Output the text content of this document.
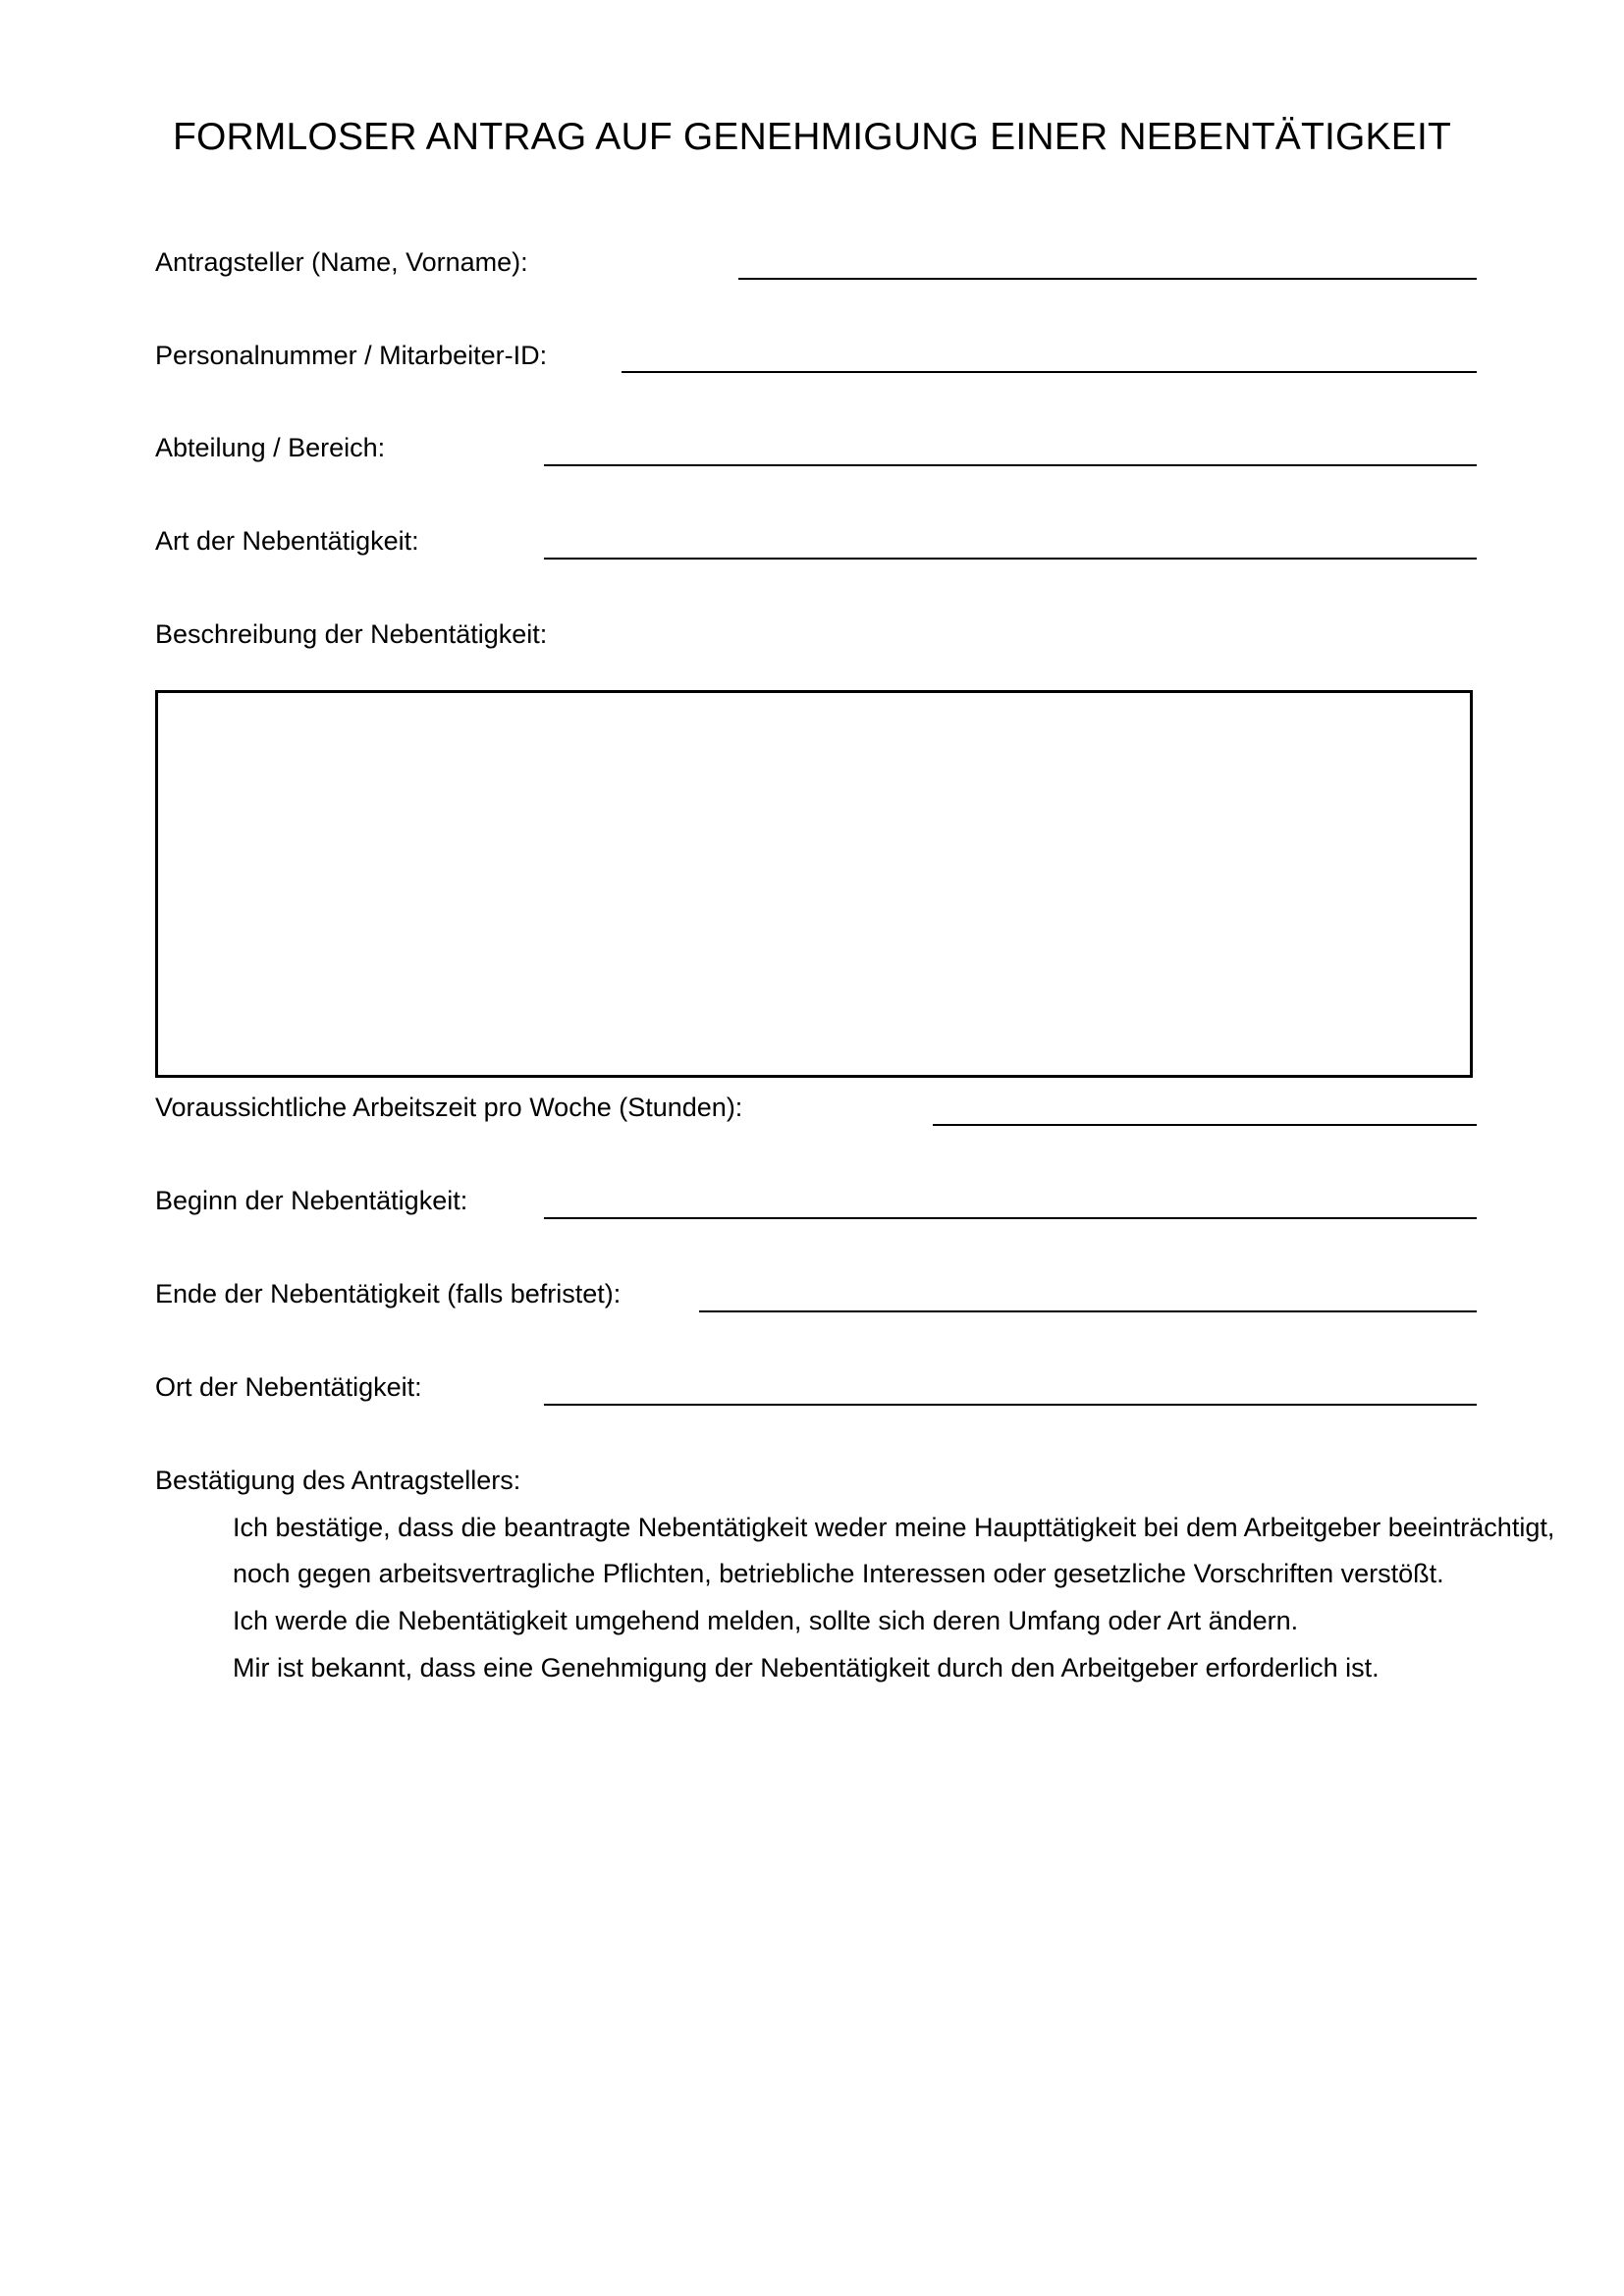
FORMLOSER ANTRAG AUF GENEHMIGUNG EINER NEBENTÄTIGKEIT
Antragsteller (Name, Vorname):
Personalnummer / Mitarbeiter-ID:
Abteilung / Bereich:
Art der Nebentätigkeit:
Beschreibung der Nebentätigkeit:
Voraussichtliche Arbeitszeit pro Woche (Stunden):
Beginn der Nebentätigkeit:
Ende der Nebentätigkeit (falls befristet):
Ort der Nebentätigkeit:
Bestätigung des Antragstellers:
Ich bestätige, dass die beantragte Nebentätigkeit weder meine Haupttätigkeit bei dem Arbeitgeber beeinträchtigt,
noch gegen arbeitsvertragliche Pflichten, betriebliche Interessen oder gesetzliche Vorschriften verstößt.
Ich werde die Nebentätigkeit umgehend melden, sollte sich deren Umfang oder Art ändern.
Mir ist bekannt, dass eine Genehmigung der Nebentätigkeit durch den Arbeitgeber erforderlich ist.
